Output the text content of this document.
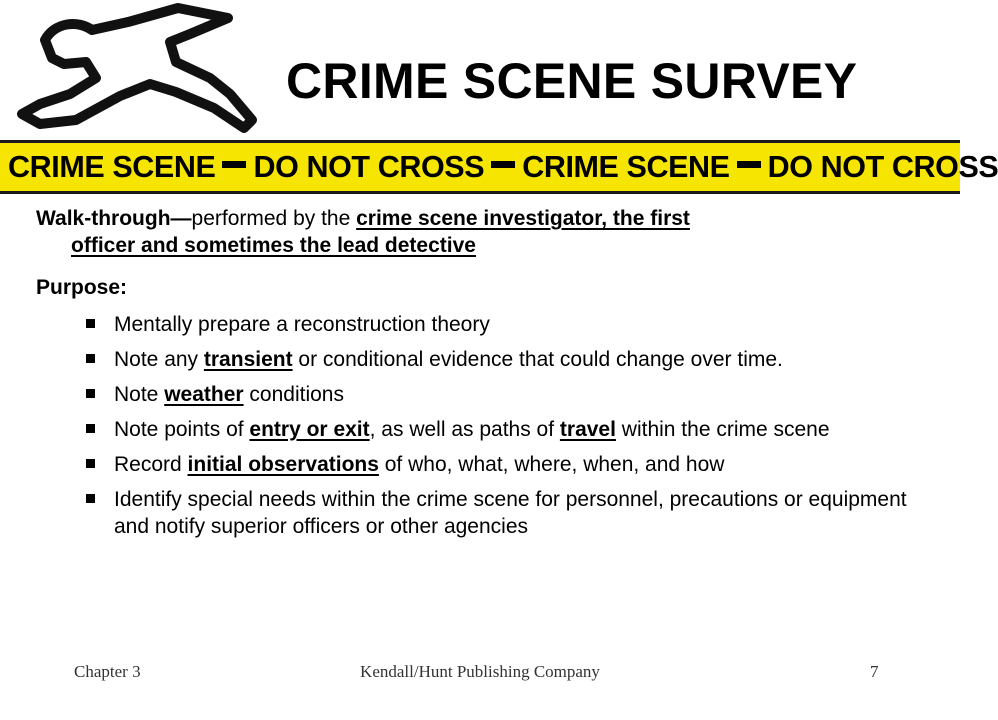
CRIME SCENE SURVEY
CRIME SCENE DO NOT CROSS CRIME SCENE DO NOT CROSS
Walk-through—performed by the crime scene investigator, the first
officer and sometimes the lead detective
Purpose:
Mentally prepare a reconstruction theory
Note any transient or conditional evidence that could change over time.
Note weather conditions
Note points of entry or exit, as well as paths of travel within the crime scene
Record initial observations of who, what, where, when, and how
Identify special needs within the crime scene for personnel, precautions or equipment and notify superior officers or other agencies
Chapter 3	Kendall/Hunt Publishing Company	7
